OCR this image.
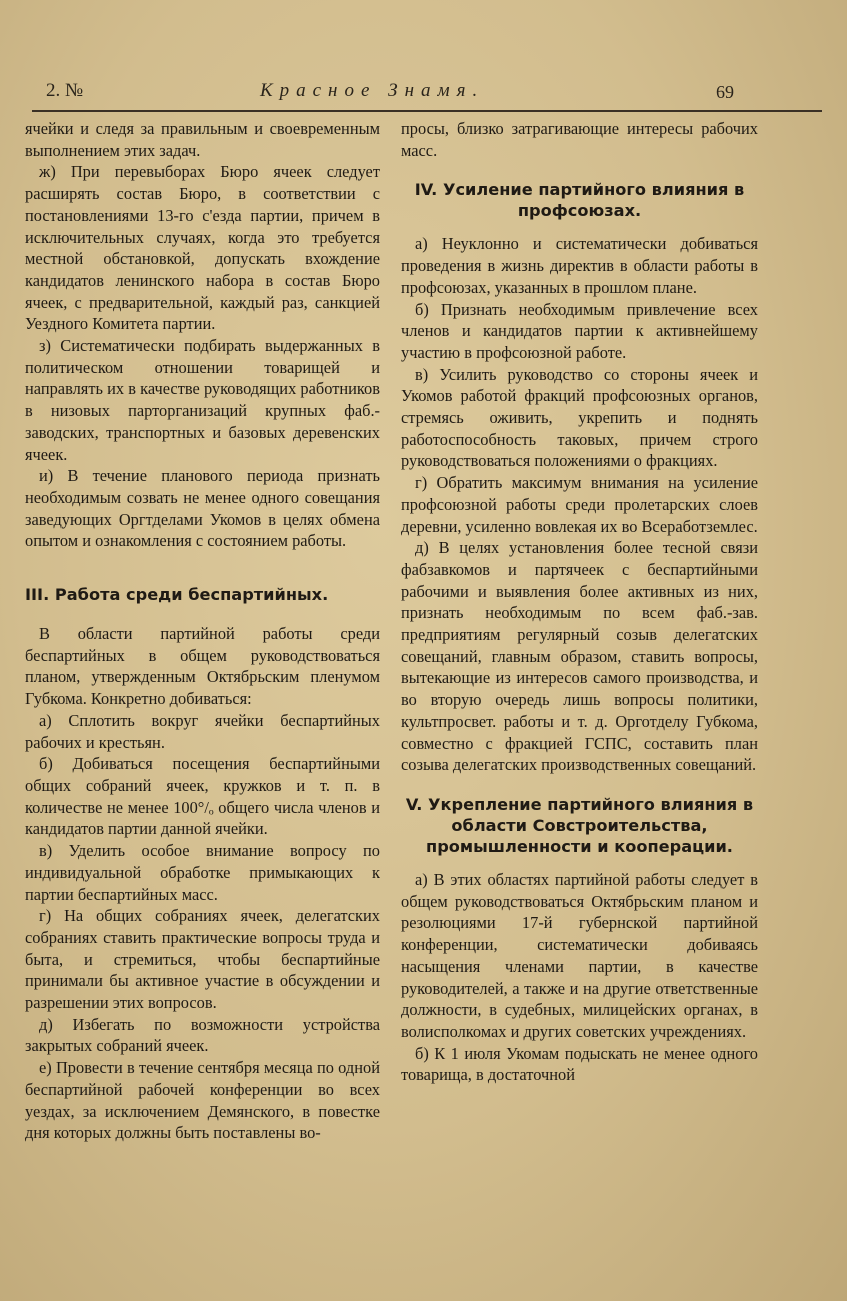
2. №	Красное Знамя.	69

ячейки и следя за правильным и своевременным выполнением этих задач.

ж) При перевыборах Бюро ячеек следует расширять состав Бюро, в соответствии с постановлениями 13-го с'езда партии, причем в исключительных случаях, когда это требуется местной обстановкой, допускать вхождение кандидатов ленинского набора в состав Бюро ячеек, с предварительной, каждый раз, санкцией Уездного Комитета партии.

з) Систематически подбирать выдержанных в политическом отношении товарищей и направлять их в качестве руководящих работников в низовых парторганизаций крупных фаб.-заводских, транспортных и базовых деревенских ячеек.

и) В течение планового периода признать необходимым созвать не менее одного совещания заведующих Оргтделами Укомов в целях обмена опытом и ознакомления с состоянием работы.

III. Работа среди беспартийных.

В области партийной работы среди беспартийных в общем руководствоваться планом, утвержденным Октябрьским пленумом Губкома. Конкретно добиваться:

а) Сплотить вокруг ячейки беспартийных рабочих и крестьян.

б) Добиваться посещения беспартийными общих собраний ячеек, кружков и т. п. в количестве не менее 100°/ₒ общего числа членов и кандидатов партии данной ячейки.

в) Уделить особое внимание вопросу по индивидуальной обработке примыкающих к партии беспартийных масс.

г) На общих собраниях ячеек, делегатских собраниях ставить практические вопросы труда и быта, и стремиться, чтобы беспартийные принимали бы активное участие в обсуждении и разрешении этих вопросов.

д) Избегать по возможности устройства закрытых собраний ячеек.

е) Провести в течение сентября месяца по одной беспартийной рабочей конференции во всех уездах, за исключением Демянского, в повестке дня которых должны быть поставлены во-

просы, близко затрагивающие интересы рабочих масс.

IV. Усиление партийного влияния в профсоюзах.

а) Неуклонно и систематически добиваться проведения в жизнь директив в области работы в профсоюзах, указанных в прошлом плане.

б) Признать необходимым привлечение всех членов и кандидатов партии к активнейшему участию в профсоюзной работе.

в) Усилить руководство со стороны ячеек и Укомов работой фракций профсоюзных органов, стремясь оживить, укрепить и поднять работоспособность таковых, причем строго руководствоваться положениями о фракциях.

г) Обратить максимум внимания на усиление профсоюзной работы среди пролетарских слоев деревни, усиленно вовлекая их во Всеработземлес.

д) В целях установления более тесной связи фабзавкомов и партячеек с беспартийными рабочими и выявления более активных из них, признать необходимым по всем фаб.-зав. предприятиям регулярный созыв делегатских совещаний, главным образом, ставить вопросы, вытекающие из интересов самого производства, и во вторую очередь лишь вопросы политики, культпросвет. работы и т. д. Орготделу Губкома, совместно с фракцией ГСПС, составить план созыва делегатских производственных совещаний.

V. Укрепление партийного влияния в области Совстроительства, промышленности и кооперации.

а) В этих областях партийной работы следует в общем руководствоваться Октябрьским планом и резолюциями 17-й губернской партийной конференции, систематически добиваясь насыщения членами партии, в качестве руководителей, а также и на другие ответственные должности, в судебных, милицейских органах, в волисполкомах и других советских учреждениях.

б) К 1 июля Укомам подыскать не менее одного товарища, в достаточной
